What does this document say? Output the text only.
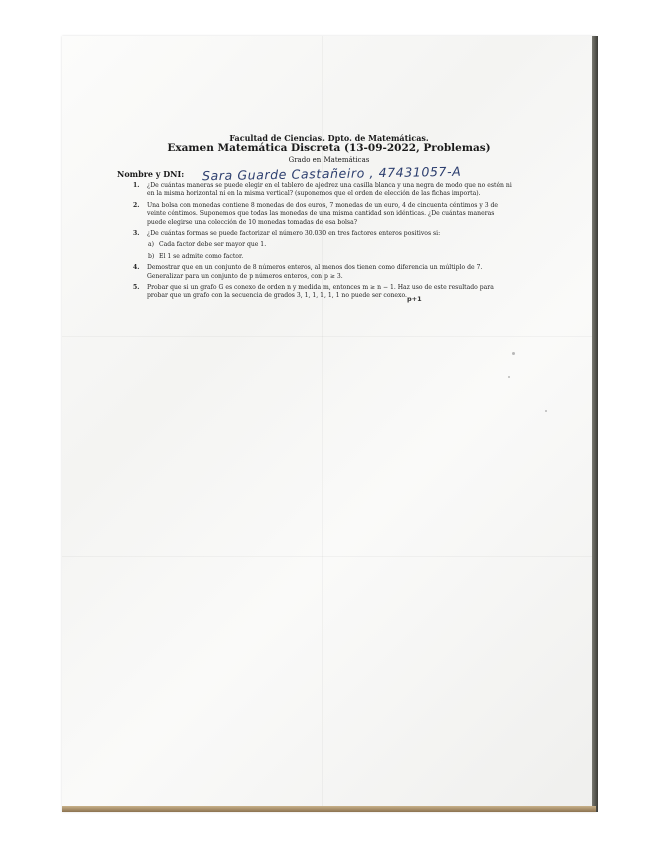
Facultad de Ciencias. Dpto. de Matemáticas.
Examen Matemática Discreta (13-09-2022, Problemas)
Grado en Matemáticas
Nombre y DNI: Sara Guarde Castañeiro , 47431057-A
1. ¿De cuántas maneras se puede elegir en el tablero de ajedrez una casilla blanca y una negra de modo que no estén ni en la misma horizontal ni en la misma vertical? (suponemos que el orden de elección de las fichas importa).
2. Una bolsa con monedas contiene 8 monedas de dos euros, 7 monedas de un euro, 4 de cincuenta céntimos y 3 de veinte céntimos. Suponemos que todas las monedas de una misma cantidad son idénticas. ¿De cuántas maneras puede elegirse una colección de 10 monedas tomadas de esa bolsa?
3. ¿De cuántas formas se puede factorizar el número 30.030 en tres factores enteros positivos si:
a) Cada factor debe ser mayor que 1.
b) El 1 se admite como factor.
4. Demostrar que en un conjunto de 8 números enteros, al menos dos tienen como diferencia un múltiplo de 7. Generalizar para un conjunto de p números enteros, con p ≥ 3.
5. Probar que si un grafo G es conexo de orden n y medida m, entonces m ≥ n − 1. Haz uso de este resultado para probar que un grafo con la secuencia de grados 3, 1, 1, 1, 1, 1 no puede ser conexo. p+1
